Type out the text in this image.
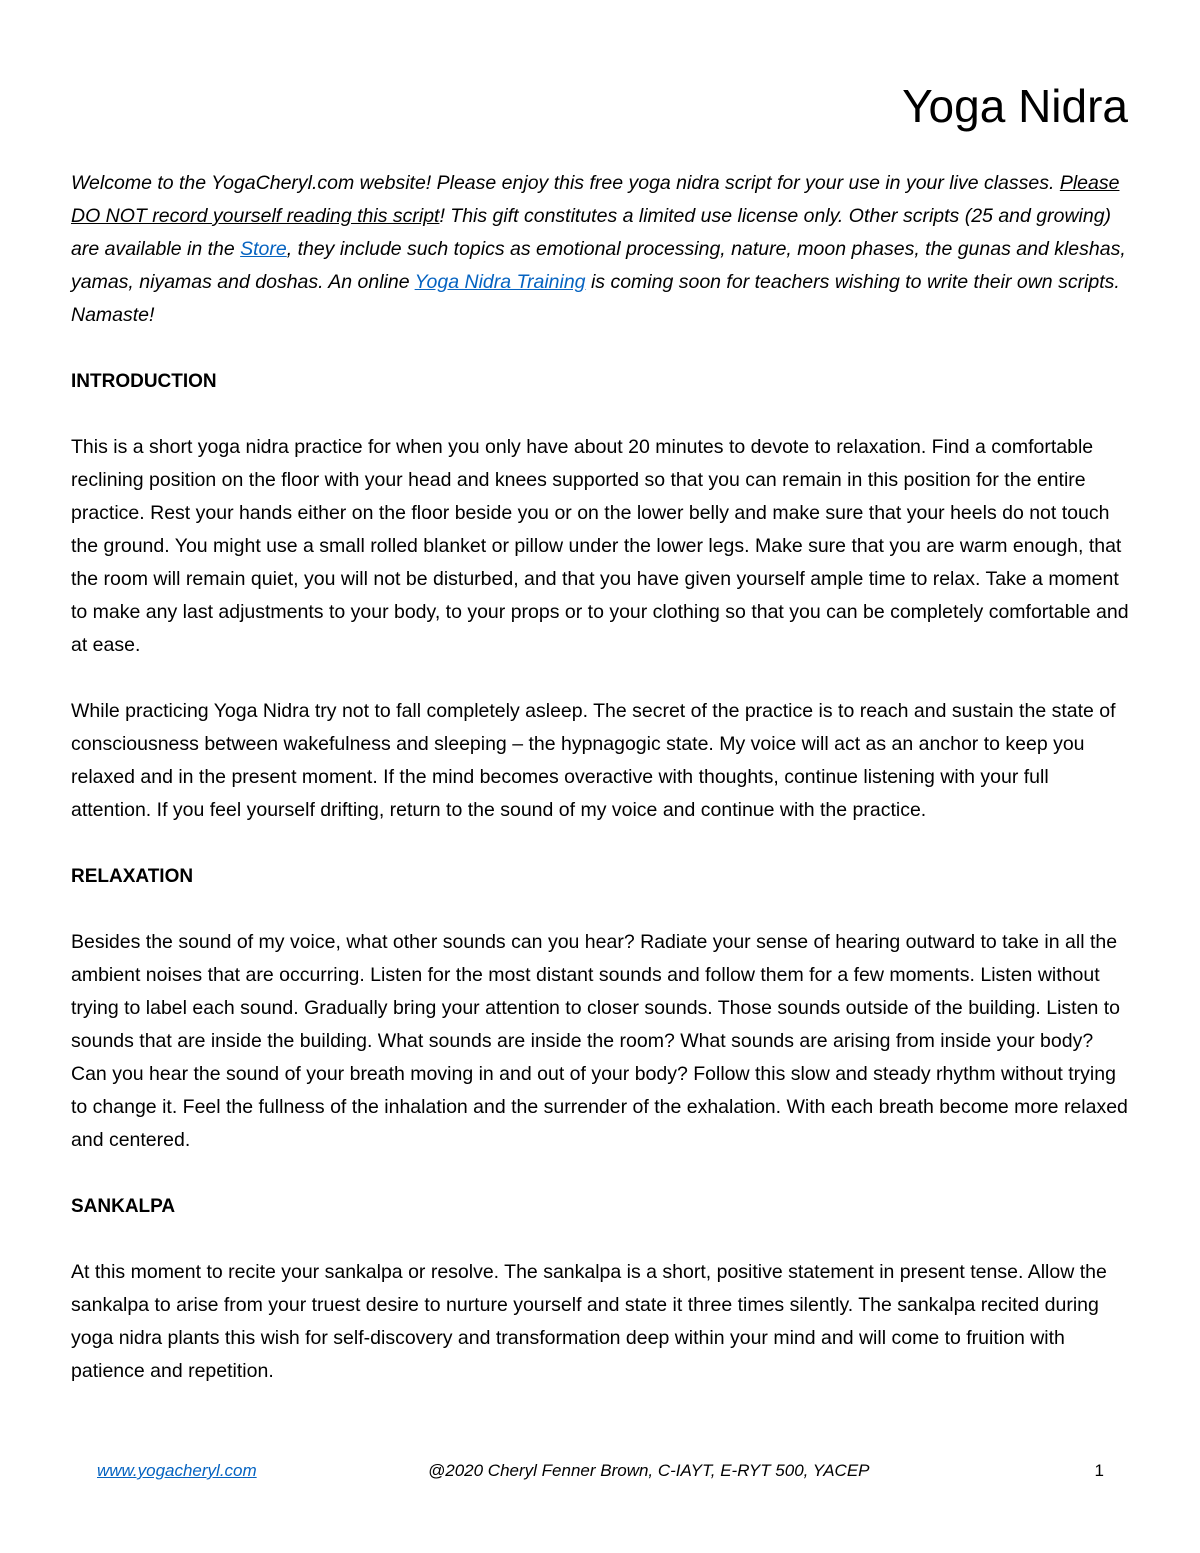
Yoga Nidra

Welcome to the YogaCheryl.com website! Please enjoy this free yoga nidra script for your use in your live classes. Please DO NOT record yourself reading this script! This gift constitutes a limited use license only. Other scripts (25 and growing) are available in the Store, they include such topics as emotional processing, nature, moon phases, the gunas and kleshas, yamas, niyamas and doshas. An online Yoga Nidra Training is coming soon for teachers wishing to write their own scripts. Namaste!

INTRODUCTION

This is a short yoga nidra practice for when you only have about 20 minutes to devote to relaxation. Find a comfortable reclining position on the floor with your head and knees supported so that you can remain in this position for the entire practice. Rest your hands either on the floor beside you or on the lower belly and make sure that your heels do not touch the ground. You might use a small rolled blanket or pillow under the lower legs. Make sure that you are warm enough, that the room will remain quiet, you will not be disturbed, and that you have given yourself ample time to relax. Take a moment to make any last adjustments to your body, to your props or to your clothing so that you can be completely comfortable and at ease.

While practicing Yoga Nidra try not to fall completely asleep. The secret of the practice is to reach and sustain the state of consciousness between wakefulness and sleeping – the hypnagogic state. My voice will act as an anchor to keep you relaxed and in the present moment. If the mind becomes overactive with thoughts, continue listening with your full attention. If you feel yourself drifting, return to the sound of my voice and continue with the practice.

RELAXATION

Besides the sound of my voice, what other sounds can you hear? Radiate your sense of hearing outward to take in all the ambient noises that are occurring. Listen for the most distant sounds and follow them for a few moments. Listen without trying to label each sound. Gradually bring your attention to closer sounds. Those sounds outside of the building. Listen to sounds that are inside the building. What sounds are inside the room? What sounds are arising from inside your body? Can you hear the sound of your breath moving in and out of your body? Follow this slow and steady rhythm without trying to change it. Feel the fullness of the inhalation and the surrender of the exhalation. With each breath become more relaxed and centered.

SANKALPA

At this moment to recite your sankalpa or resolve. The sankalpa is a short, positive statement in present tense. Allow the sankalpa to arise from your truest desire to nurture yourself and state it three times silently. The sankalpa recited during yoga nidra plants this wish for self-discovery and transformation deep within your mind and will come to fruition with patience and repetition.

www.yogacheryl.com	@2020 Cheryl Fenner Brown, C-IAYT, E-RYT 500, YACEP	1
